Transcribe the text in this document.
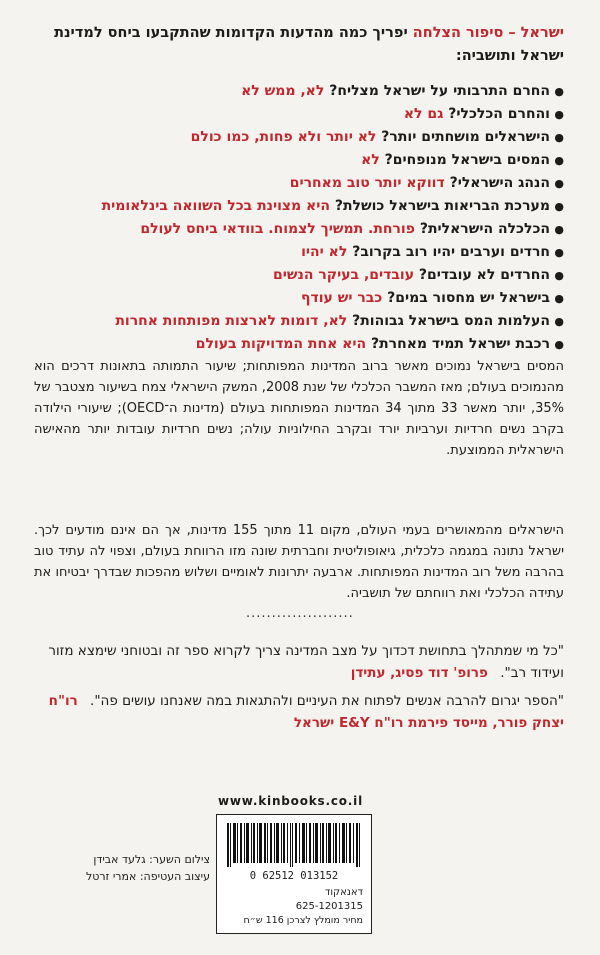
ישראל – סיפור הצלחה יפריך כמה מהדעות הקדומות שהתקבעו ביחס למדינת ישראל ותושביה:

●החרם התרבותי על ישראל מצליח? לא, ממש לא
●והחרם הכלכלי? גם לא
●הישראלים מושחתים יותר? לא יותר ולא פחות, כמו כולם
●המסים בישראל מנופחים? לא
●הנהג הישראלי? דווקא יותר טוב מאחרים
●מערכת הבריאות בישראל כושלת? היא מצוינת בכל השוואה בינלאומית
●הכלכלה הישראלית? פורחת. תמשיך לצמוח. בוודאי ביחס לעולם
●חרדים וערבים יהיו רוב בקרוב? לא יהיו
●החרדים לא עובדים? עובדים, בעיקר הנשים
●בישראל יש מחסור במים? כבר יש עודף
●העלמות המס בישראל גבוהות? לא, דומות לארצות מפותחות אחרות
●רכבת ישראל תמיד מאחרת? היא אחת המדויקות בעולם

המסים בישראל נמוכים מאשר ברוב המדינות המפותחות; שיעור התמותה בתאונות דרכים הוא מהנמוכים בעולם; מאז המשבר הכלכלי של שנת 2008, המשק הישראלי צמח בשיעור מצטבר של 35%, יותר מאשר 33 מתוך 34 המדינות המפותחות בעולם (מדינות ה־OECD); שיעורי הילודה בקרב נשים חרדיות וערביות יורד ובקרב החילוניות עולה; נשים חרדיות עובדות יותר מהאישה הישראלית הממוצעת.

הישראלים מהמאושרים בעמי העולם, מקום 11 מתוך 155 מדינות, אך הם אינם מודעים לכך. ישראל נתונה במגמה כלכלית, גיאופוליטית וחברתית שונה מזו הרווחת בעולם, וצפוי לה עתיד טוב בהרבה משל רוב המדינות המפותחות. ארבעה יתרונות לאומיים ושלוש מהפכות שבדרך יבטיחו את עתידה הכלכלי ואת רווחתם של תושביה.

.....................

"כל מי שמתהלך בתחושת דכדוך על מצב המדינה צריך לקרוא ספר זה ובטוחני שימצא מזור ועידוד רב". פרופ' דוד פסיג, עתידן

"הספר יגרום להרבה אנשים לפתוח את העיניים ולהתגאות במה שאנחנו עושים פה". רו"ח יצחק פורר, מייסד פירמת רו"ח E&Y ישראל

www.kinbooks.co.il
0 62512 013152
דאנאקוד
625-1201315
מחיר מומלץ לצרכן 116 ש״ח
צילום השער: גלעד אבידן
עיצוב העטיפה: אמרי זרטל
